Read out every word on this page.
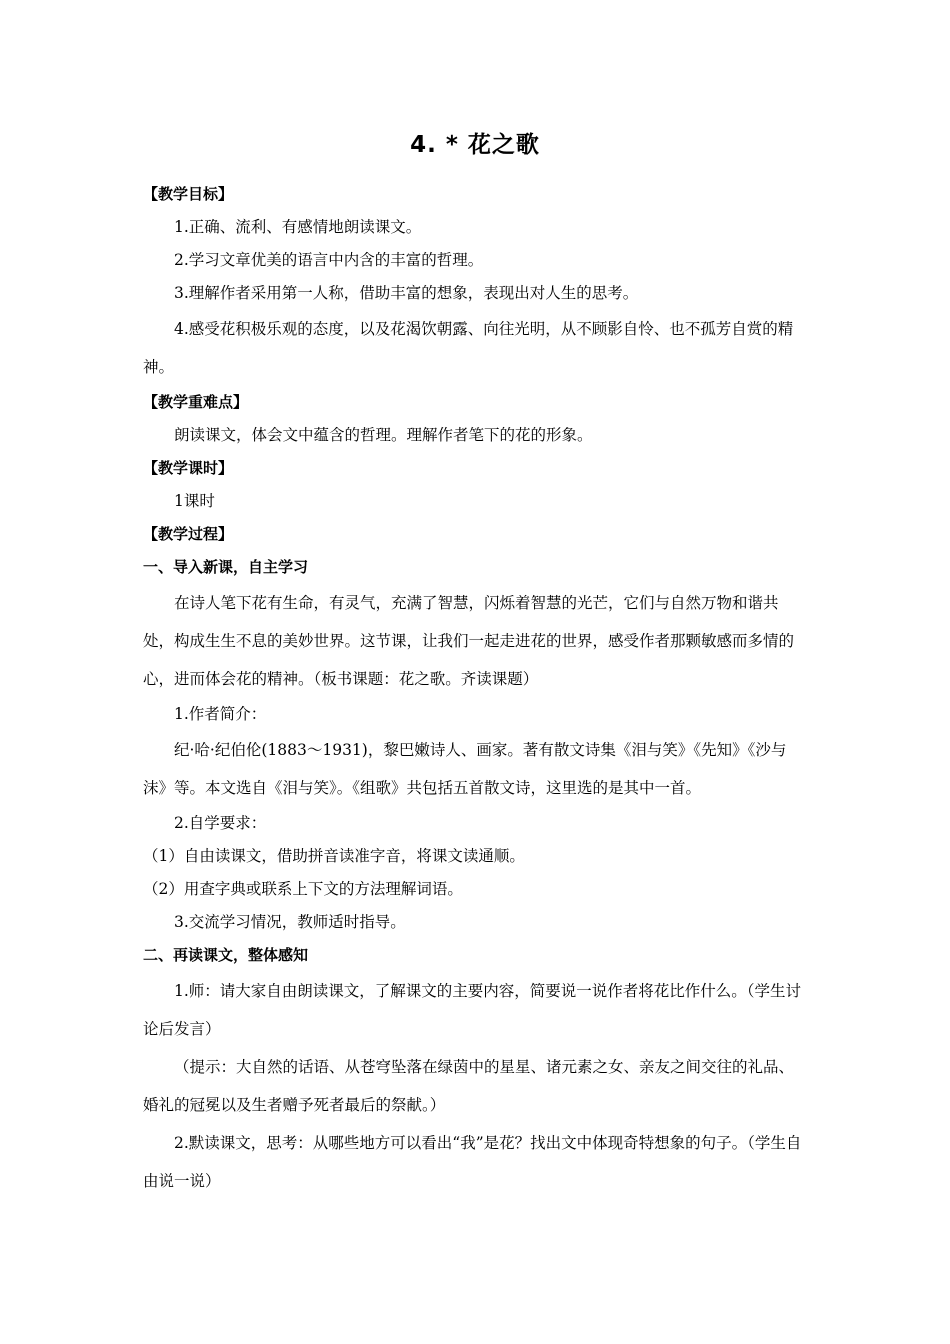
4. * 花之歌

【教学目标】

1.正确、流利、有感情地朗读课文。

2.学习文章优美的语言中内含的丰富的哲理。

3.理解作者采用第一人称，借助丰富的想象，表现出对人生的思考。

4.感受花积极乐观的态度，以及花渴饮朝露、向往光明，从不顾影自怜、也不孤芳自赏的精神。

【教学重难点】

朗读课文，体会文中蕴含的哲理。理解作者笔下的花的形象。

【教学课时】

1课时

【教学过程】

一、导入新课，自主学习

在诗人笔下花有生命，有灵气，充满了智慧，闪烁着智慧的光芒，它们与自然万物和谐共处，构成生生不息的美妙世界。这节课，让我们一起走进花的世界，感受作者那颗敏感而多情的心，进而体会花的精神。（板书课题：花之歌。齐读课题）

1.作者简介：

纪·哈·纪伯伦(1883～1931)，黎巴嫩诗人、画家。著有散文诗集《泪与笑》《先知》《沙与沫》等。本文选自《泪与笑》。《组歌》共包括五首散文诗，这里选的是其中一首。

2.自学要求：

（1）自由读课文，借助拼音读准字音，将课文读通顺。

（2）用查字典或联系上下文的方法理解词语。

3.交流学习情况，教师适时指导。

二、再读课文，整体感知

1.师：请大家自由朗读课文，了解课文的主要内容，简要说一说作者将花比作什么。（学生讨论后发言）

（提示：大自然的话语、从苍穹坠落在绿茵中的星星、诸元素之女、亲友之间交往的礼品、婚礼的冠冕以及生者赠予死者最后的祭献。）

2.默读课文，思考：从哪些地方可以看出“我”是花？找出文中体现奇特想象的句子。（学生自由说一说）
